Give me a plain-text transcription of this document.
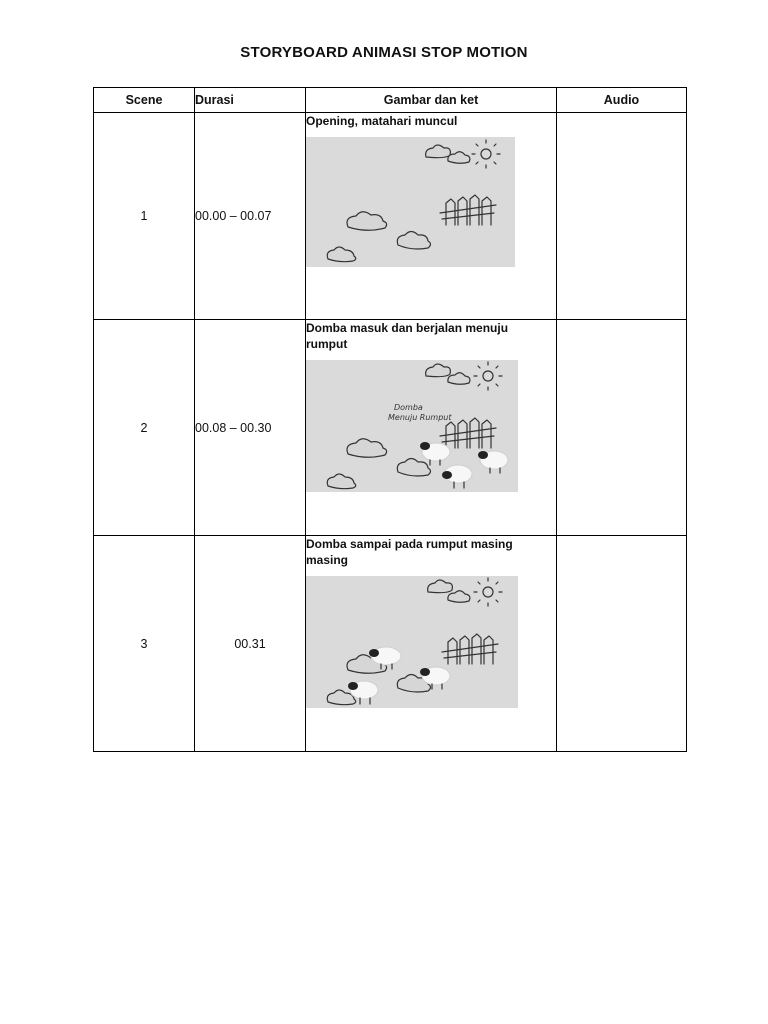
STORYBOARD ANIMASI STOP MOTION
Scene	Durasi	Gambar dan ket	Audio
1	00.00 – 00.07	Opening, matahari muncul	

2	00.08 – 00.30	Domba masuk dan berjalan menuju rumput
Domba
Menuju Rumput	

3	00.31	Domba sampai pada rumput masing masing	
